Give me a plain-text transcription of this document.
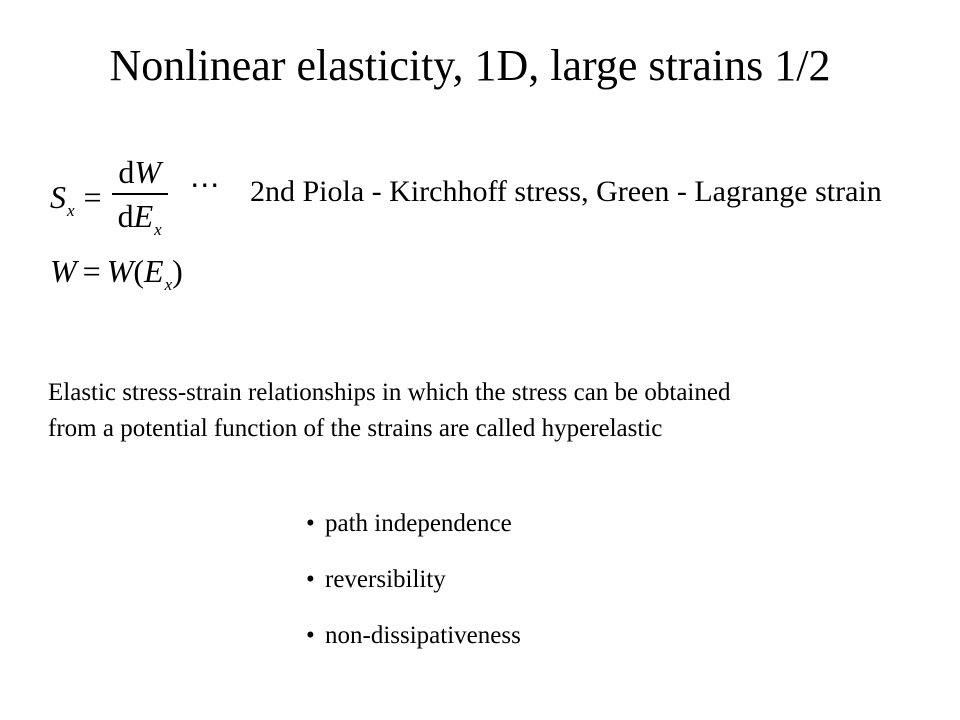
Nonlinear elasticity, 1D, large strains 1/2
$S_x = \frac{dW}{dE_x}$ ⋯ 2nd Piola - Kirchhoff stress, Green - Lagrange strain
$W = W(E_x)$

Elastic stress-strain relationships in which the stress can be obtained

from a potential function of the strains are called hyperelastic

• path independence
• reversibility
• non-dissipativeness
